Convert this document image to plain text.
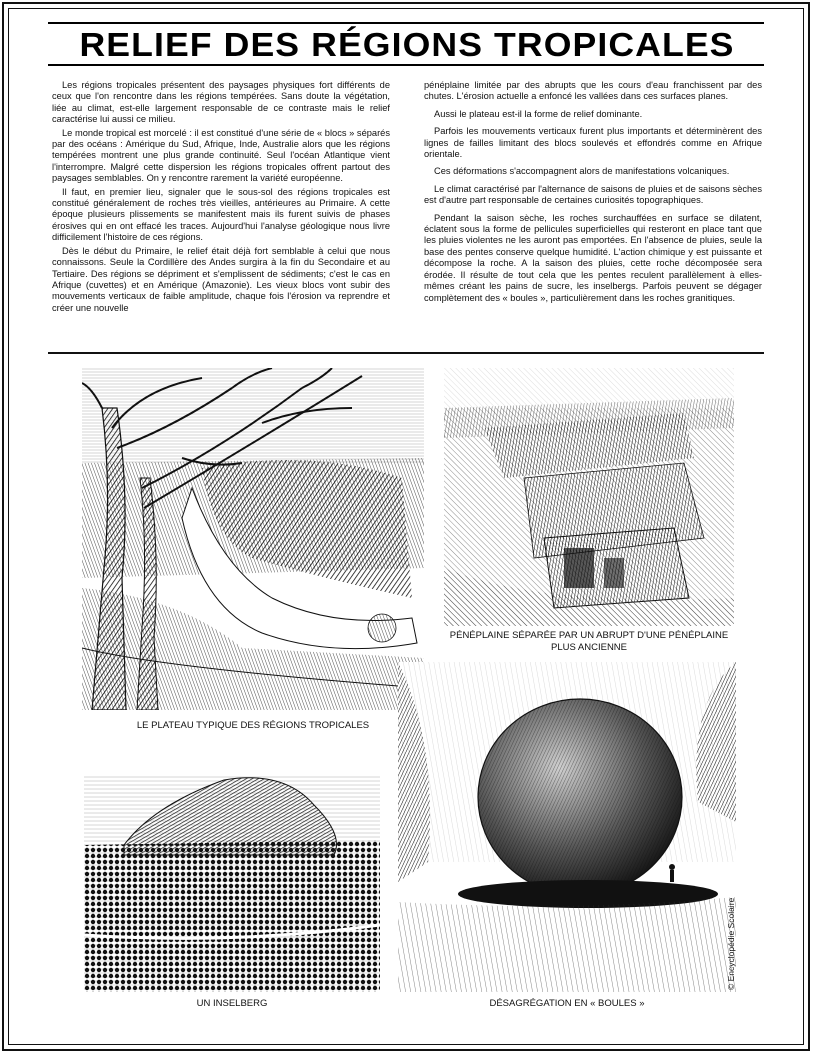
RELIEF DES RÉGIONS TROPICALES

Les régions tropicales présentent des paysages physiques fort différents de ceux que l'on rencontre dans les régions tempérées. Sans doute la végétation, liée au climat, est-elle largement responsable de ce contraste mais le relief caractérise lui aussi ce milieu.

Le monde tropical est morcelé : il est constitué d'une série de « blocs » séparés par des océans : Amérique du Sud, Afrique, Inde, Australie alors que les régions tempérées montrent une plus grande continuité. Seul l'océan Atlantique vient l'interrompre. Malgré cette dispersion les régions tropicales offrent partout des paysages semblables. On y rencontre rarement la variété européenne.

Il faut, en premier lieu, signaler que le sous-sol des régions tropicales est constitué généralement de roches très vieilles, antérieures au Primaire. A cette époque plusieurs plissements se manifestent mais ils furent suivis de phases érosives qui en ont effacé les traces. Aujourd'hui l'analyse géologique nous livre difficilement l'histoire de ces régions.

Dès le début du Primaire, le relief était déjà fort semblable à celui que nous connaissons. Seule la Cordillère des Andes surgira à la fin du Secondaire et au Tertiaire. Des régions se dépriment et s'emplissent de sédiments; c'est le cas en Afrique (cuvettes) et en Amérique (Amazonie). Les vieux blocs vont subir des mouvements verticaux de faible amplitude, chaque fois l'érosion va reprendre et créer une nouvelle

pénéplaine limitée par des abrupts que les cours d'eau franchissent par des chutes. L'érosion actuelle a enfoncé les vallées dans ces surfaces planes.

Aussi le plateau est-il la forme de relief dominante.

Parfois les mouvements verticaux furent plus importants et déterminèrent des lignes de failles limitant des blocs soulevés et effondrés comme en Afrique orientale.

Ces déformations s'accompagnent alors de manifestations volcaniques.

Le climat caractérisé par l'alternance de saisons de pluies et de saisons sèches est d'autre part responsable de certaines curiosités topographiques.

Pendant la saison sèche, les roches surchauffées en surface se dilatent, éclatent sous la forme de pellicules superficielles qui resteront en place tant que les pluies violentes ne les auront pas emportées. En l'absence de pluies, seule la base des pentes conserve quelque humidité. L'action chimique y est puissante et décompose la roche. A la saison des pluies, cette roche décomposée sera érodée. Il résulte de tout cela que les pentes reculent parallèlement à elles-mêmes créant les pains de sucre, les inselbergs. Parfois peuvent se dégager complètement des « boules », particulièrement dans les roches granitiques.

LE PLATEAU TYPIQUE DES RÉGIONS TROPICALES
PÉNÉPLAINE SÉPARÉE PAR UN ABRUPT D'UNE PÉNÉPLAINE PLUS ANCIENNE
UN INSELBERG	DÉSAGRÉGATION EN « BOULES »
© Encyclopédie Scolaire
